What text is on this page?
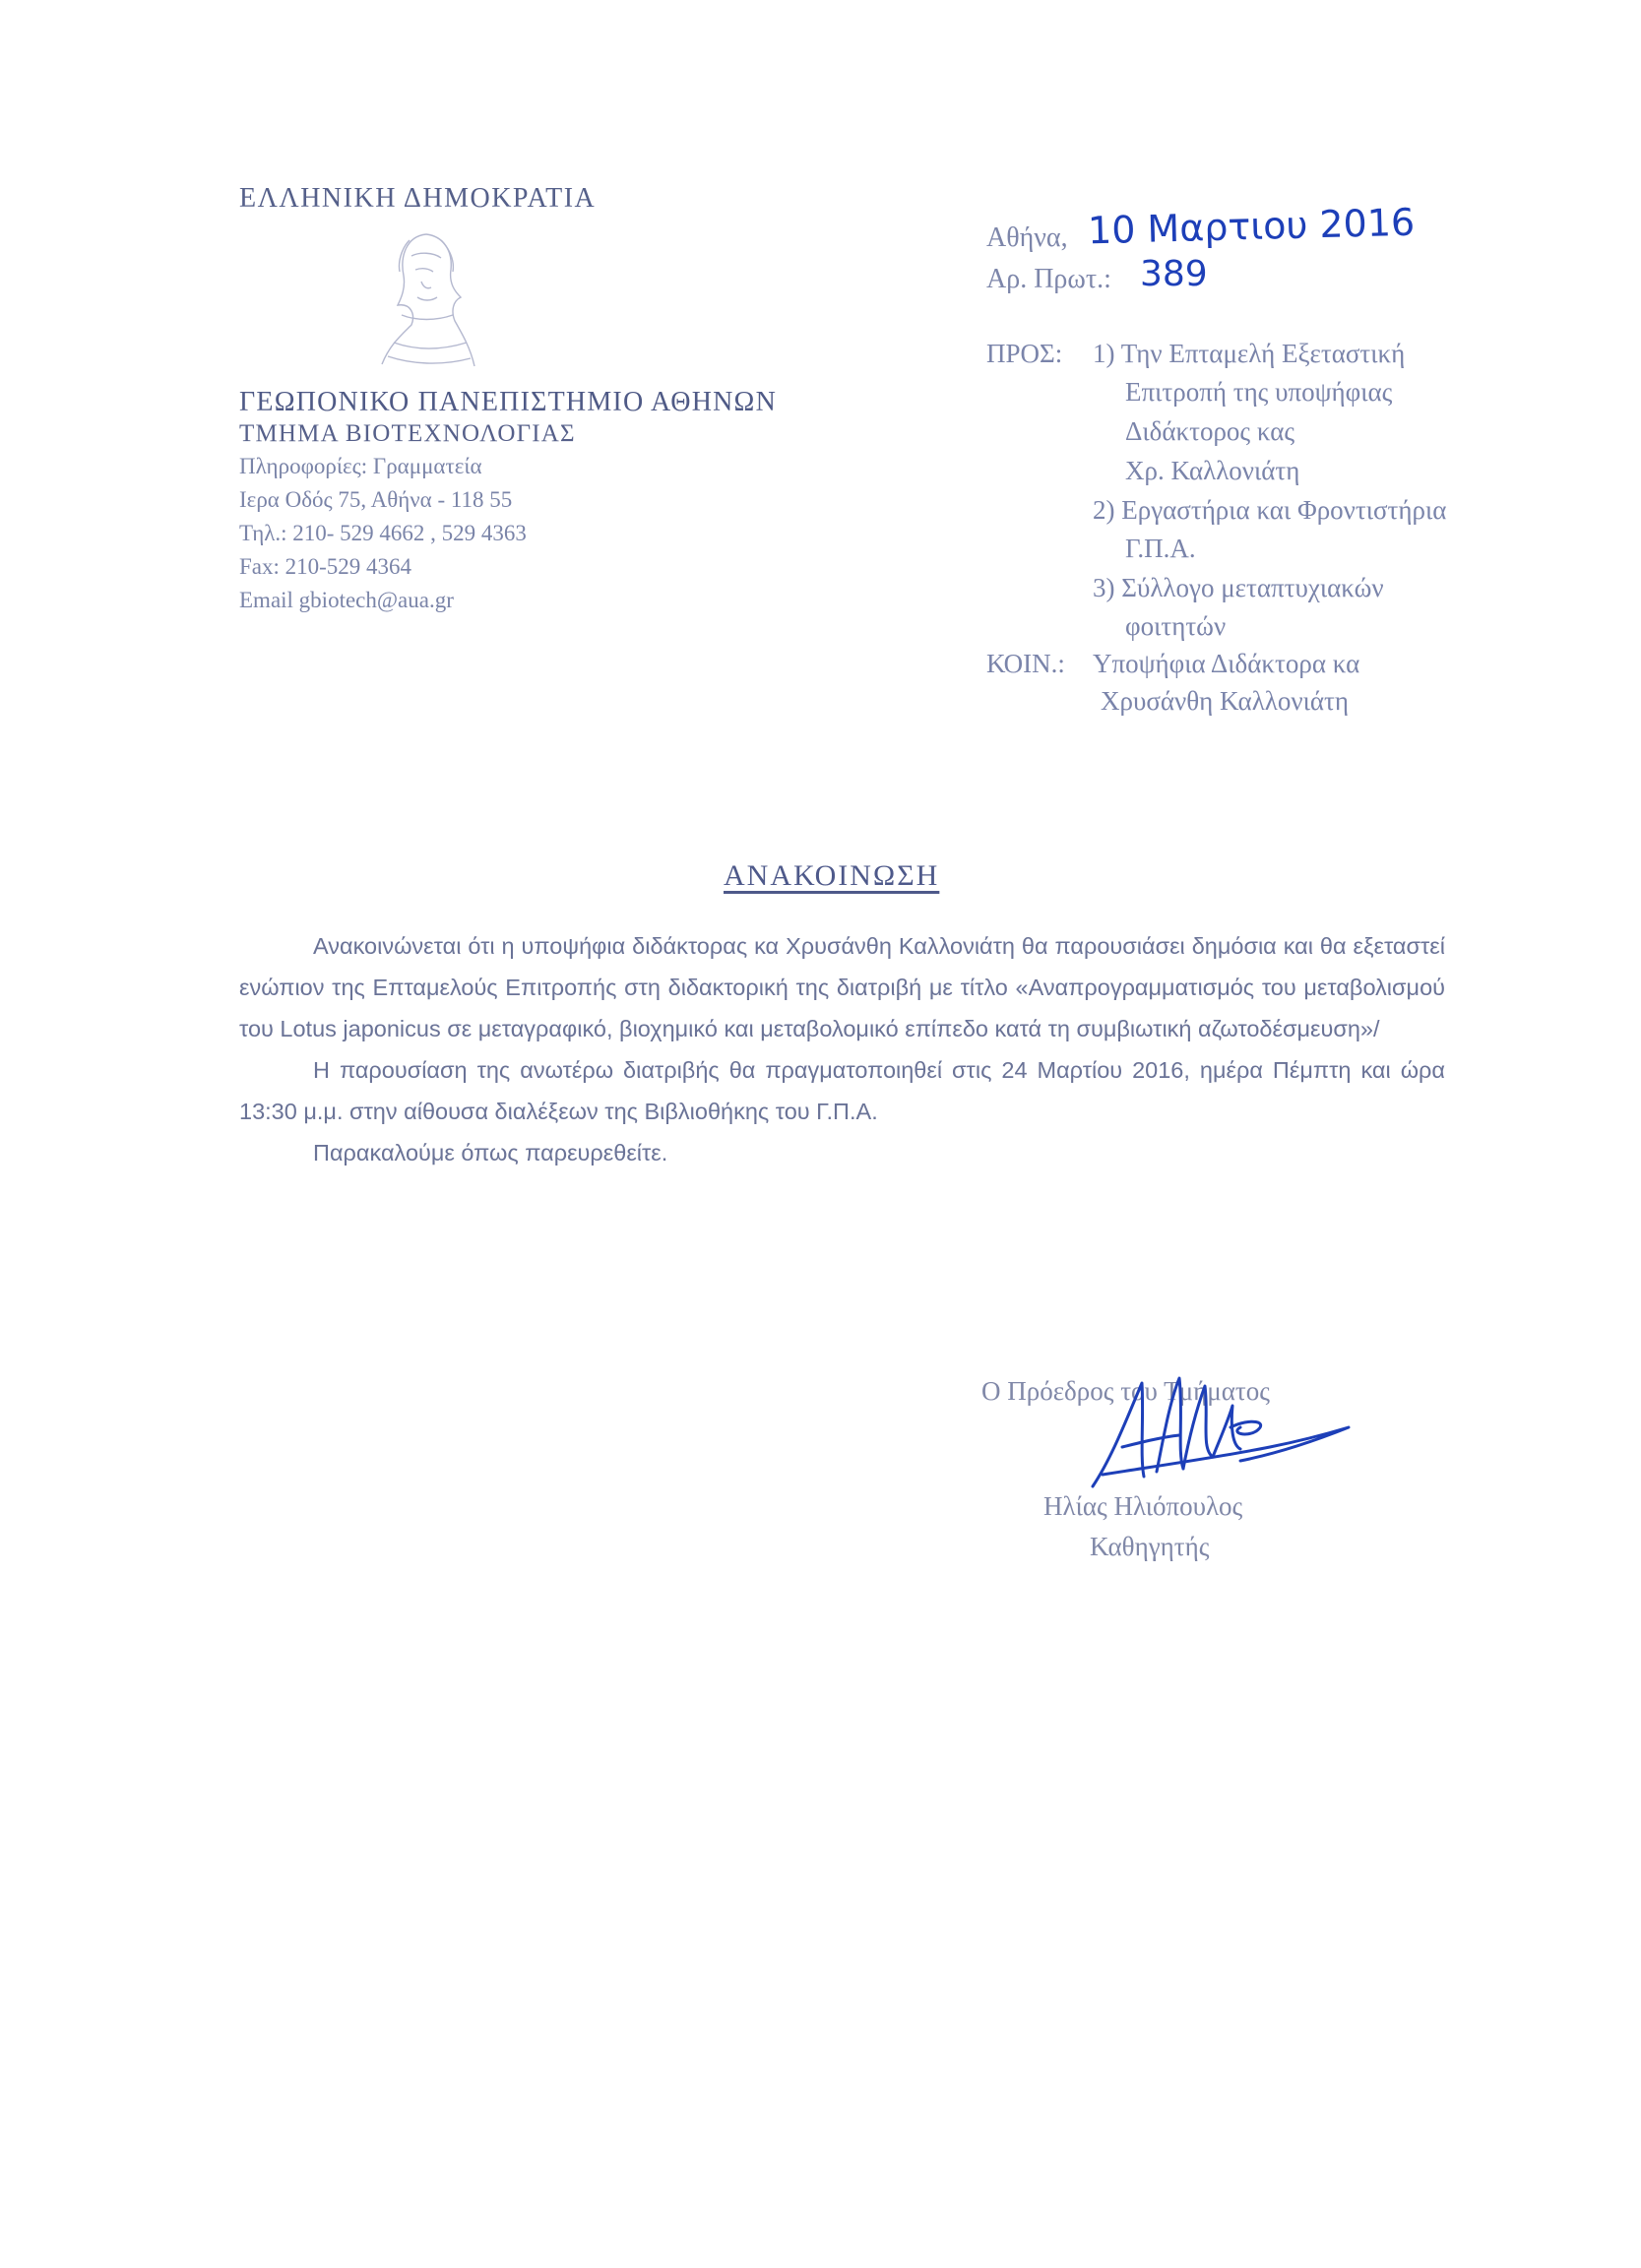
ΕΛΛΗΝΙΚΗ ΔΗΜΟΚΡΑΤΙΑ
ΓΕΩΠΟΝΙΚΟ ΠΑΝΕΠΙΣΤΗΜΙΟ ΑΘΗΝΩΝ
ΤΜΗΜΑ ΒΙΟΤΕΧΝΟΛΟΓΙΑΣ
Πληροφορίες: Γραμματεία
Ιερα Οδός 75, Αθήνα - 118 55
Τηλ.: 210- 529 4662 , 529 4363
Fax: 210-529 4364
Email gbiotech@aua.gr
Αθήνα, 10 Μαρτιου 2016
Αρ. Πρωτ.: 389
ΠΡΟΣ: 1) Την Επταμελή Εξεταστική
Επιτροπή της υποψήφιας
Διδάκτορος κας
Χρ. Καλλονιάτη
2) Εργαστήρια και Φροντιστήρια
Γ.Π.Α.
3) Σύλλογο μεταπτυχιακών
φοιτητών
ΚΟΙΝ.: Υποψήφια Διδάκτορα κα
Χρυσάνθη Καλλονιάτη
ΑΝΑΚΟΙΝΩΣΗ

Ανακοινώνεται ότι η υποψήφια διδάκτορας κα Χρυσάνθη Καλλονιάτη θα παρουσιάσει δημόσια και θα εξεταστεί ενώπιον της Επταμελούς Επιτροπής στη διδακτορική της διατριβή με τίτλο «Αναπρογραμματισμός του μεταβολισμού του Lotus japonicus σε μεταγραφικό, βιοχημικό και μεταβολομικό επίπεδο κατά τη συμβιωτική αζωτοδέσμευση»/

Η παρουσίαση της ανωτέρω διατριβής θα πραγματοποιηθεί στις 24 Μαρτίου 2016, ημέρα Πέμπτη και ώρα 13:30 μ.μ. στην αίθουσα διαλέξεων της Βιβλιοθήκης του Γ.Π.Α.

Παρακαλούμε όπως παρευρεθείτε.

Ο Πρόεδρος του Τμήματος
Ηλίας Ηλιόπουλος
Καθηγητής
